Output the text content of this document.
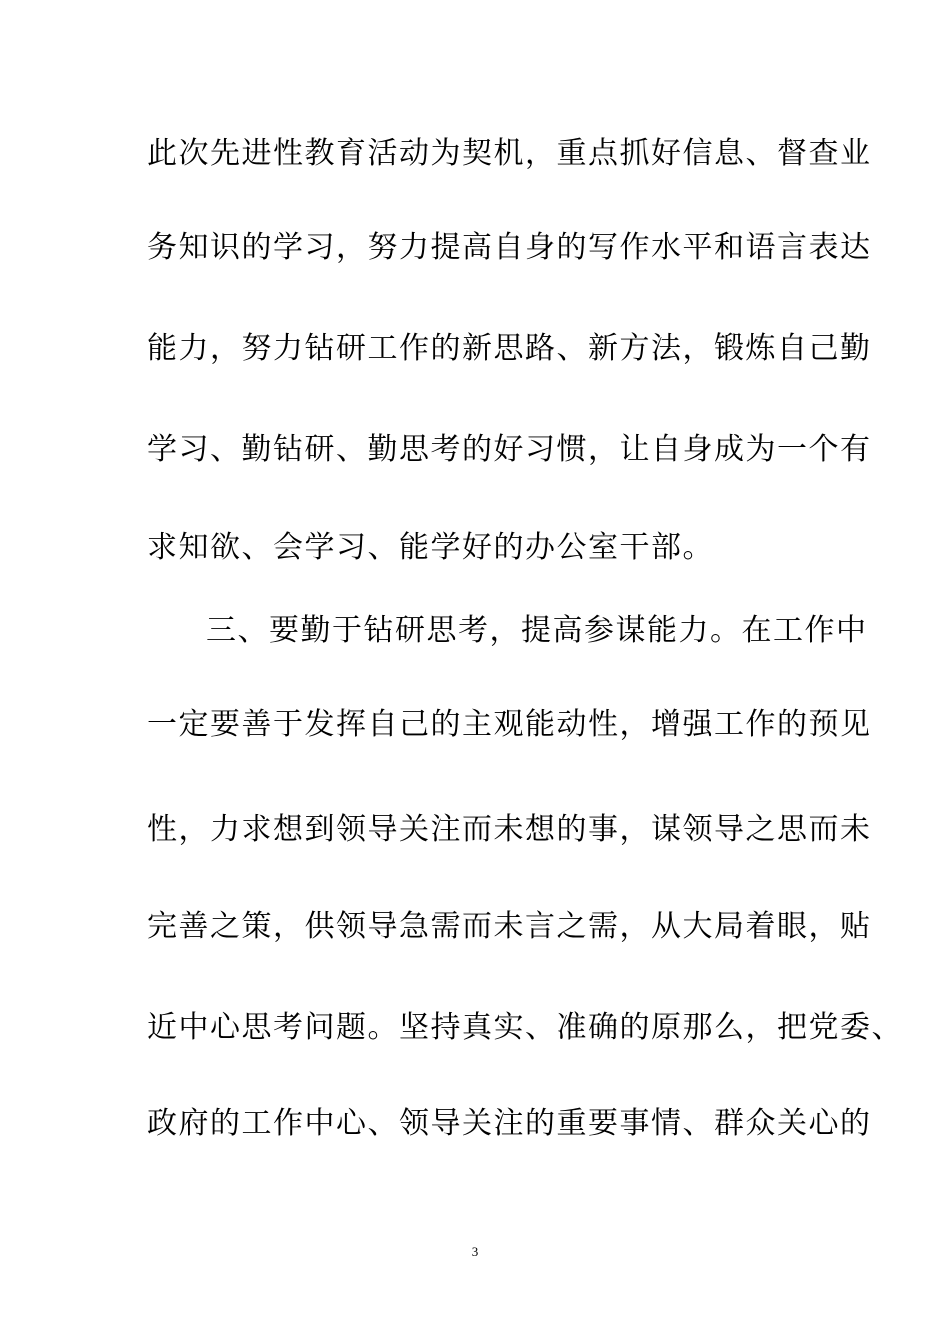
此次先进性教育活动为契机，重点抓好信息、督查业
务知识的学习，努力提高自身的写作水平和语言表达
能力，努力钻研工作的新思路、新方法，锻炼自己勤
学习、勤钻研、勤思考的好习惯，让自身成为一个有
求知欲、会学习、能学好的办公室干部。
三、要勤于钻研思考，提高参谋能力。在工作中
一定要善于发挥自己的主观能动性，增强工作的预见
性，力求想到领导关注而未想的事，谋领导之思而未
完善之策，供领导急需而未言之需，从大局着眼，贴
近中心思考问题。坚持真实、准确的原那么，把党委、
政府的工作中心、领导关注的重要事情、群众关心的
3
